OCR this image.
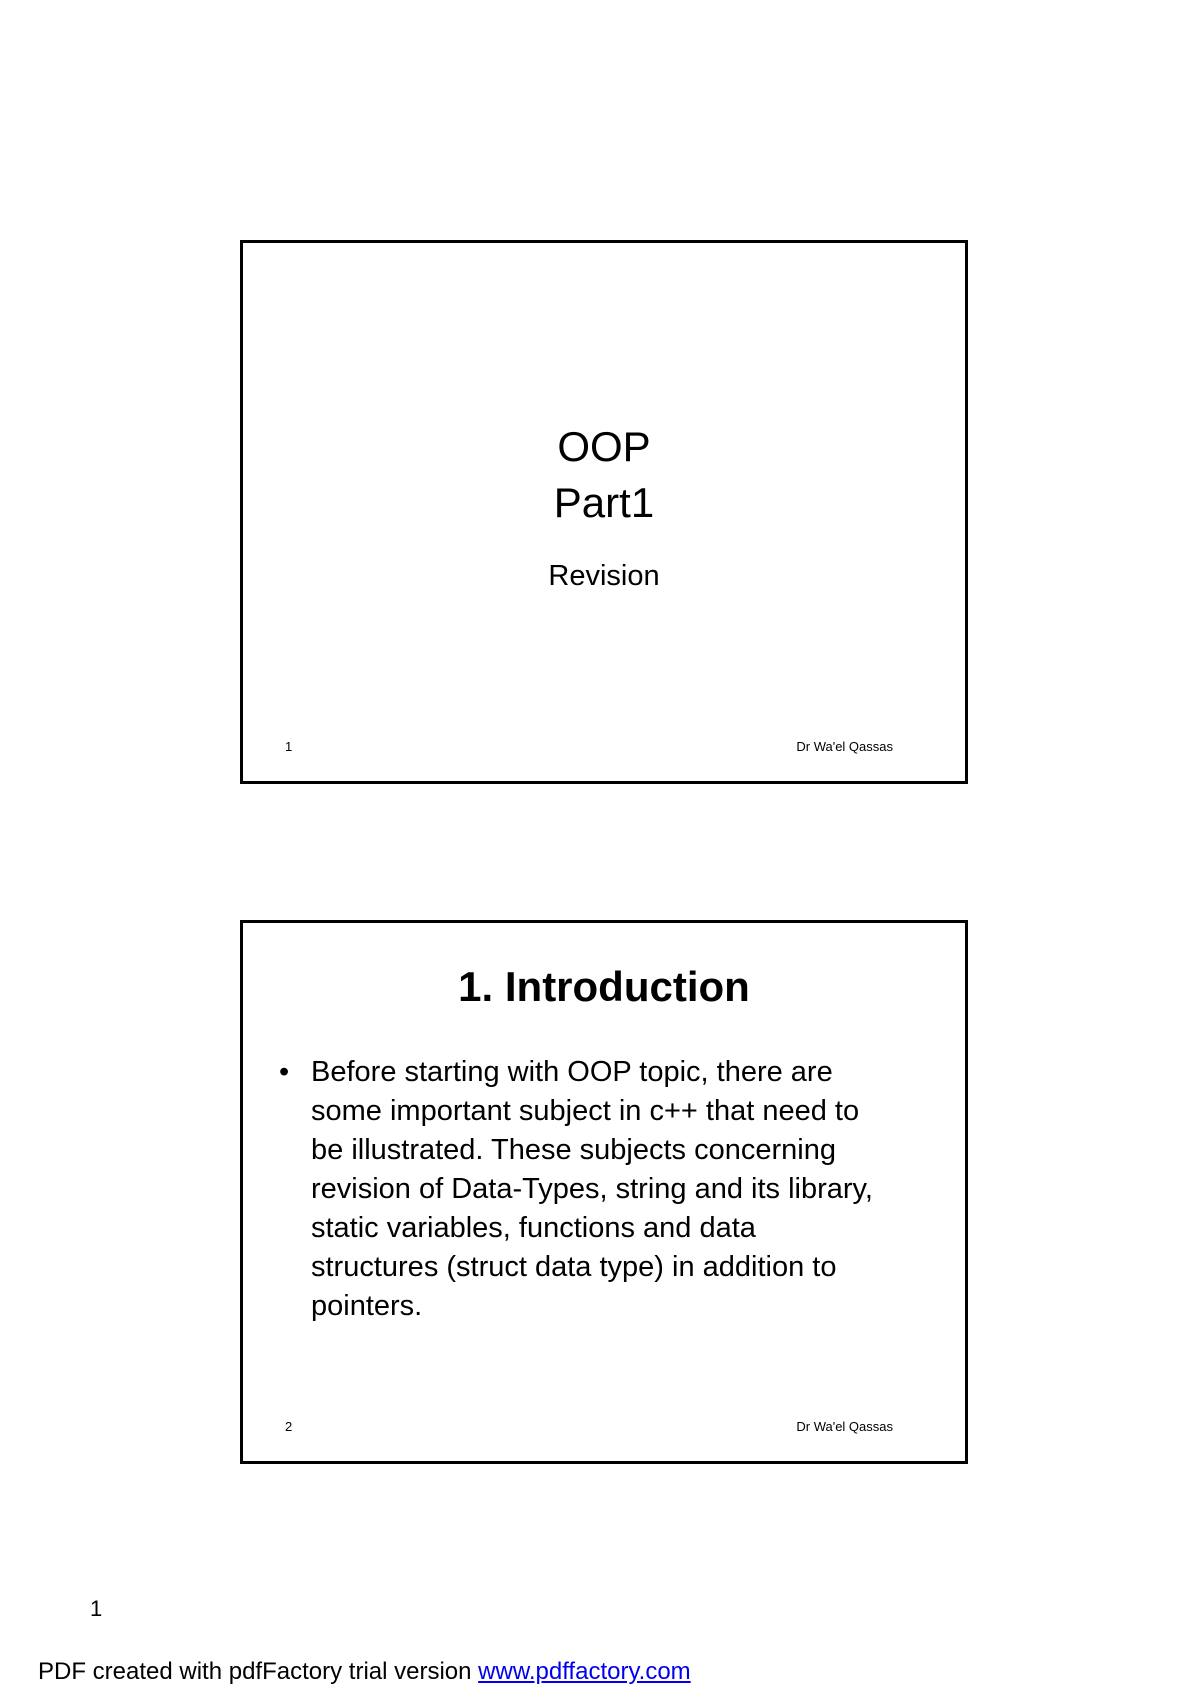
OOP
Part1
Revision
1	Dr Wa'el Qassas
1. Introduction
• Before starting with OOP topic, there are some important subject in c++ that need to be illustrated. These subjects concerning revision of Data-Types, string and its library, static variables, functions and data structures (struct data type) in addition to pointers.
2	Dr Wa'el Qassas
1
PDF created with pdfFactory trial version www.pdffactory.com
